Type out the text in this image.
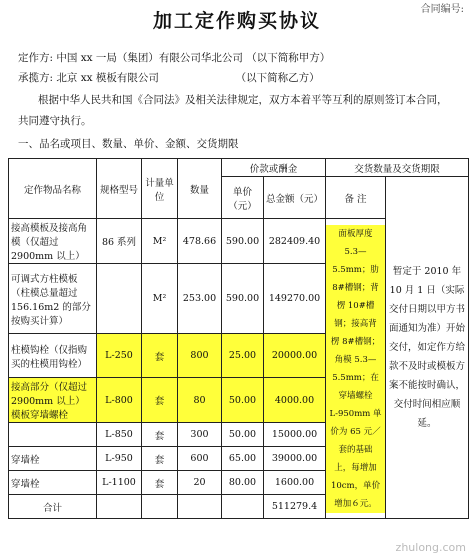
合同编号:
加工定作购买协议
定作方: 中国 xx 一局（集团）有限公司华北公司 （以下简称甲方）
承揽方: 北京 xx 模板有限公司	（以下简称乙方）
根据中华人民共和国《合同法》及相关法律规定，双方本着平等互利的原则签订本合同，
共同遵守执行。
一、品名或项目、数量、单价、金额、交货期限
定作物品名称	规格型号	计量单位	数量	价款或酬金		交货数量及交货期限	
				单价（元）	总金额（元）	备 注	暂定于 2010 年 10 月 1 日（实际交付日期以甲方书面通知为准）开始交付，如定作方给款不及时或模板方案不能按时确认，交付时间相应顺延。
接高模板及接高角模（仅超过 2900mm 以上）	86 系列	M²	478.66	590.00	282409.40	面板厚度 5.3— 5.5mm；肋 8#槽钢；背 楞 10#槽 钢；接高背 楞 8#槽钢； 角模 5.3— 5.5mm；在 穿墙螺栓 L-950mm 单 价为 65 元／ 套的基础 上，每增加 10cm，单价 增加６元。	
可调式方柱模板（柱模总量超过 156.16m2 的部分按购买计算）		M²	253.00	590.00	149270.00		
柱模钩栓（仅指购买的柱模用钩栓）	L-250	套	800	25.00	20000.00		
接高部分（仅超过 2900mm 以上）模板穿墙螺栓	L-800	套	80	50.00	4000.00		
	L-850	套	300	50.00	15000.00		
穿墙栓	L-950	套	600	65.00	39000.00		
穿墙栓	L-1100	套	20	80.00	1600.00		
合计					511279.4		
zhulong.com
